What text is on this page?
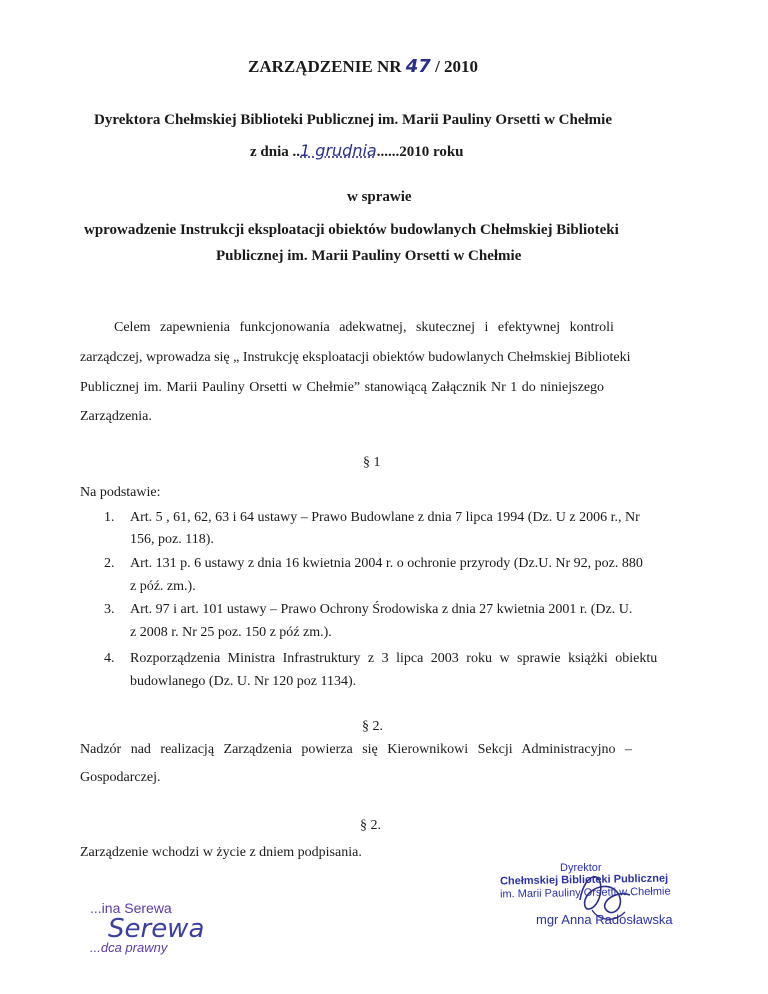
ZARZĄDZENIE NR 47 / 2010
Dyrektora Chełmskiej Biblioteki Publicznej im. Marii Pauliny Orsetti w Chełmie
z dnia ..1 grudnia......2010 roku
w sprawie
wprowadzenie Instrukcji eksploatacji obiektów budowlanych Chełmskiej Biblioteki
Publicznej im. Marii Pauliny Orsetti w Chełmie
Celem zapewnienia funkcjonowania adekwatnej, skutecznej i efektywnej kontroli
zarządczej, wprowadza się „ Instrukcję eksploatacji obiektów budowlanych Chełmskiej Biblioteki
Publicznej im. Marii Pauliny Orsetti w Chełmie” stanowiącą Załącznik Nr 1 do niniejszego
Zarządzenia.
§ 1
Na podstawie:
1. Art. 5 , 61, 62, 63 i 64 ustawy – Prawo Budowlane z dnia 7 lipca 1994 (Dz. U z 2006 r., Nr
156, poz. 118).
2. Art. 131 p. 6 ustawy z dnia 16 kwietnia 2004 r. o ochronie przyrody (Dz.U. Nr 92, poz. 880
z póź. zm.).
3. Art. 97 i art. 101 ustawy – Prawo Ochrony Środowiska z dnia 27 kwietnia 2001 r. (Dz. U.
z 2008 r. Nr 25 poz. 150 z póź zm.).
4. Rozporządzenia Ministra Infrastruktury z 3 lipca 2003 roku w sprawie książki obiektu
budowlanego (Dz. U. Nr 120 poz 1134).
§ 2.
Nadzór nad realizacją Zarządzenia powierza się Kierownikowi Sekcji Administracyjno –
Gospodarczej.
§ 2.
Zarządzenie wchodzi w życie z dniem podpisania.
...ina Serewa
Serewa
...dca prawny
Dyrektor
Chełmskiej Biblioteki Publicznej
im. Marii Pauliny Orsetti w Chełmie
mgr Anna Radosławska
